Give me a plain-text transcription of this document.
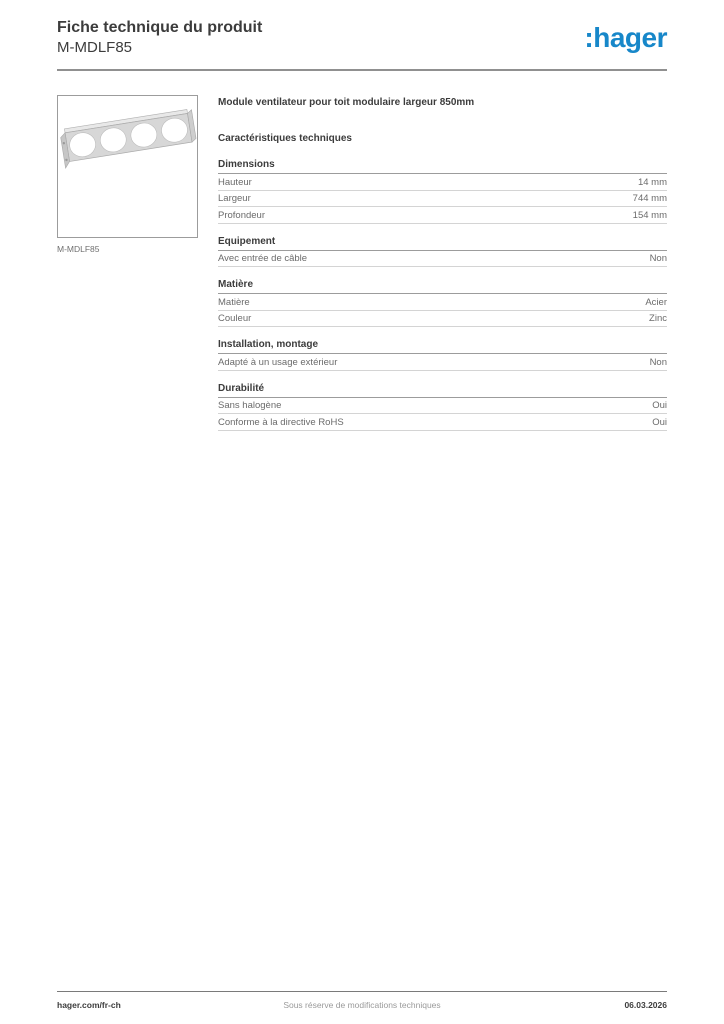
Fiche technique du produit
M-MDLF85	:hager
M-MDLF85

Module ventilateur pour toit modulaire largeur 850mm

Caractéristiques techniques
Dimensions
Hauteur	14 mm
Largeur	744 mm
Profondeur	154 mm
Equipement
Avec entrée de câble	Non
Matière
Matière	Acier
Couleur	Zinc
Installation, montage
Adapté à un usage extérieur	Non
Durabilité
Sans halogène	Oui
Conforme à la directive RoHS	Oui
hager.com/fr-ch	Sous réserve de modifications techniques	06.03.2026
